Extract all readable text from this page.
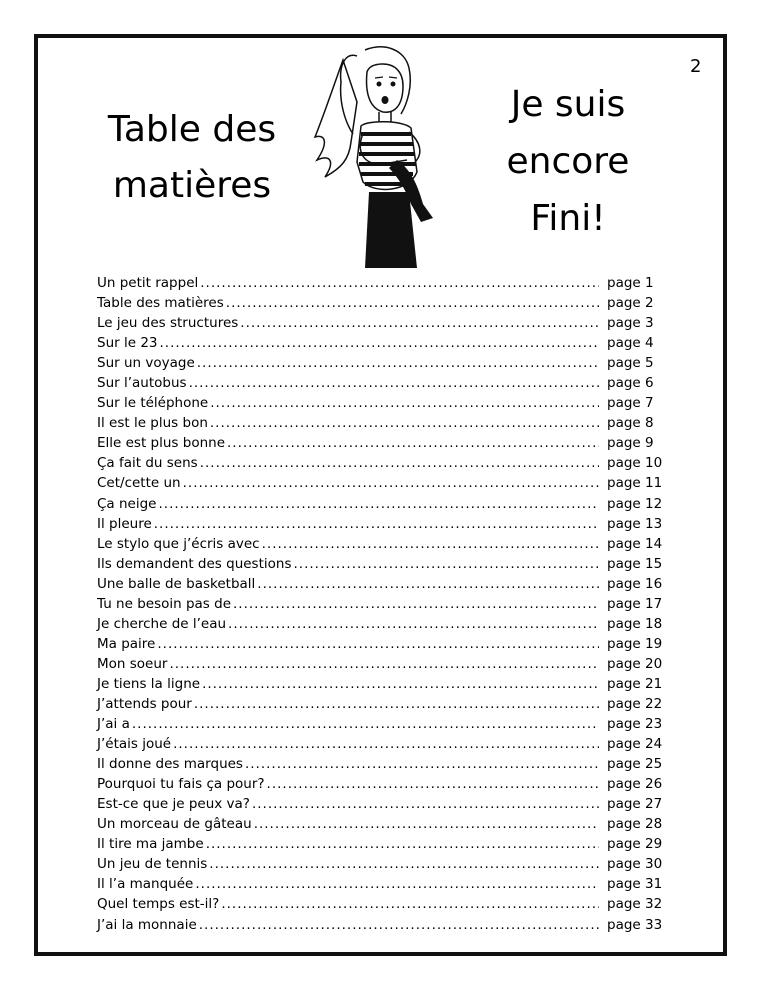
2
Table des
matières
Je suis
encore
Fini!
Un petit rappel .....	page 1
Table des matières .....	page 2
Le jeu des structures .....	page 3
Sur le 23 .....	page 4
Sur un voyage .....	page 5
Sur l’autobus .....	page 6
Sur le téléphone .....	page 7
Il est le plus bon .....	page 8
Elle est plus bonne .....	page 9
Ça fait du sens .....	page 10
Cet/cette un .....	page 11
Ça neige .....	page 12
Il pleure .....	page 13
Le stylo que j’écris avec .....	page 14
Ils demandent des questions .....	page 15
Une balle de basketball .....	page 16
Tu ne besoin pas de .....	page 17
Je cherche de l’eau .....	page 18
Ma paire .....	page 19
Mon soeur .....	page 20
Je tiens la ligne .....	page 21
J’attends pour .....	page 22
J’ai a .....	page 23
J’étais joué .....	page 24
Il donne des marques .....	page 25
Pourquoi tu fais ça pour? .....	page 26
Est-ce que je peux va? .....	page 27
Un morceau de gâteau .....	page 28
Il tire ma jambe .....	page 29
Un jeu de tennis .....	page 30
Il l’a manquée .....	page 31
Quel temps est-il? .....	page 32
J’ai la monnaie .....	page 33
